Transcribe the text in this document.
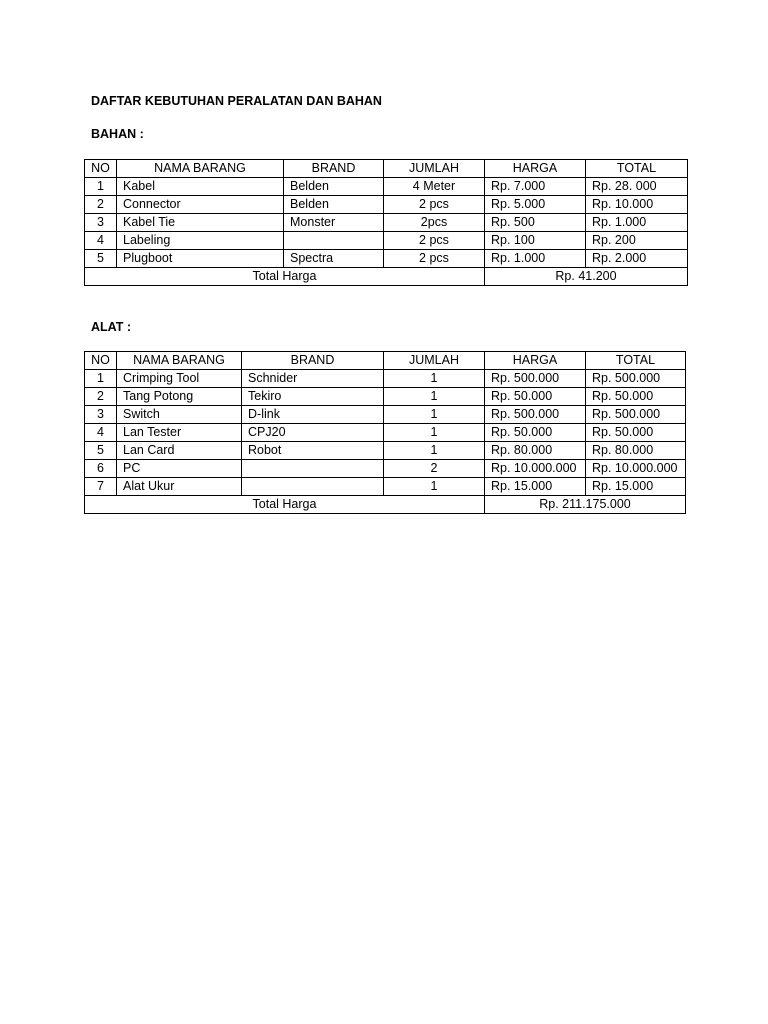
DAFTAR KEBUTUHAN PERALATAN DAN BAHAN
BAHAN :
NO	NAMA BARANG	BRAND	JUMLAH	HARGA	TOTAL
1	Kabel	Belden	4 Meter	Rp. 7.000	Rp. 28. 000
2	Connector	Belden	2 pcs	Rp. 5.000	Rp. 10.000
3	Kabel Tie	Monster	2pcs	Rp. 500	Rp. 1.000
4	Labeling		2 pcs	Rp. 100	Rp. 200
5	Plugboot	Spectra	2 pcs	Rp. 1.000	Rp. 2.000
Total Harga				Rp. 41.200	
ALAT :
NO	NAMA BARANG	BRAND	JUMLAH	HARGA	TOTAL
1	Crimping Tool	Schnider	1	Rp. 500.000	Rp. 500.000
2	Tang Potong	Tekiro	1	Rp. 50.000	Rp. 50.000
3	Switch	D-link	1	Rp. 500.000	Rp. 500.000
4	Lan Tester	CPJ20	1	Rp. 50.000	Rp. 50.000
5	Lan Card	Robot	1	Rp. 80.000	Rp. 80.000
6	PC		2	Rp. 10.000.000	Rp. 10.000.000
7	Alat Ukur		1	Rp. 15.000	Rp. 15.000
Total Harga				Rp. 211.175.000	
